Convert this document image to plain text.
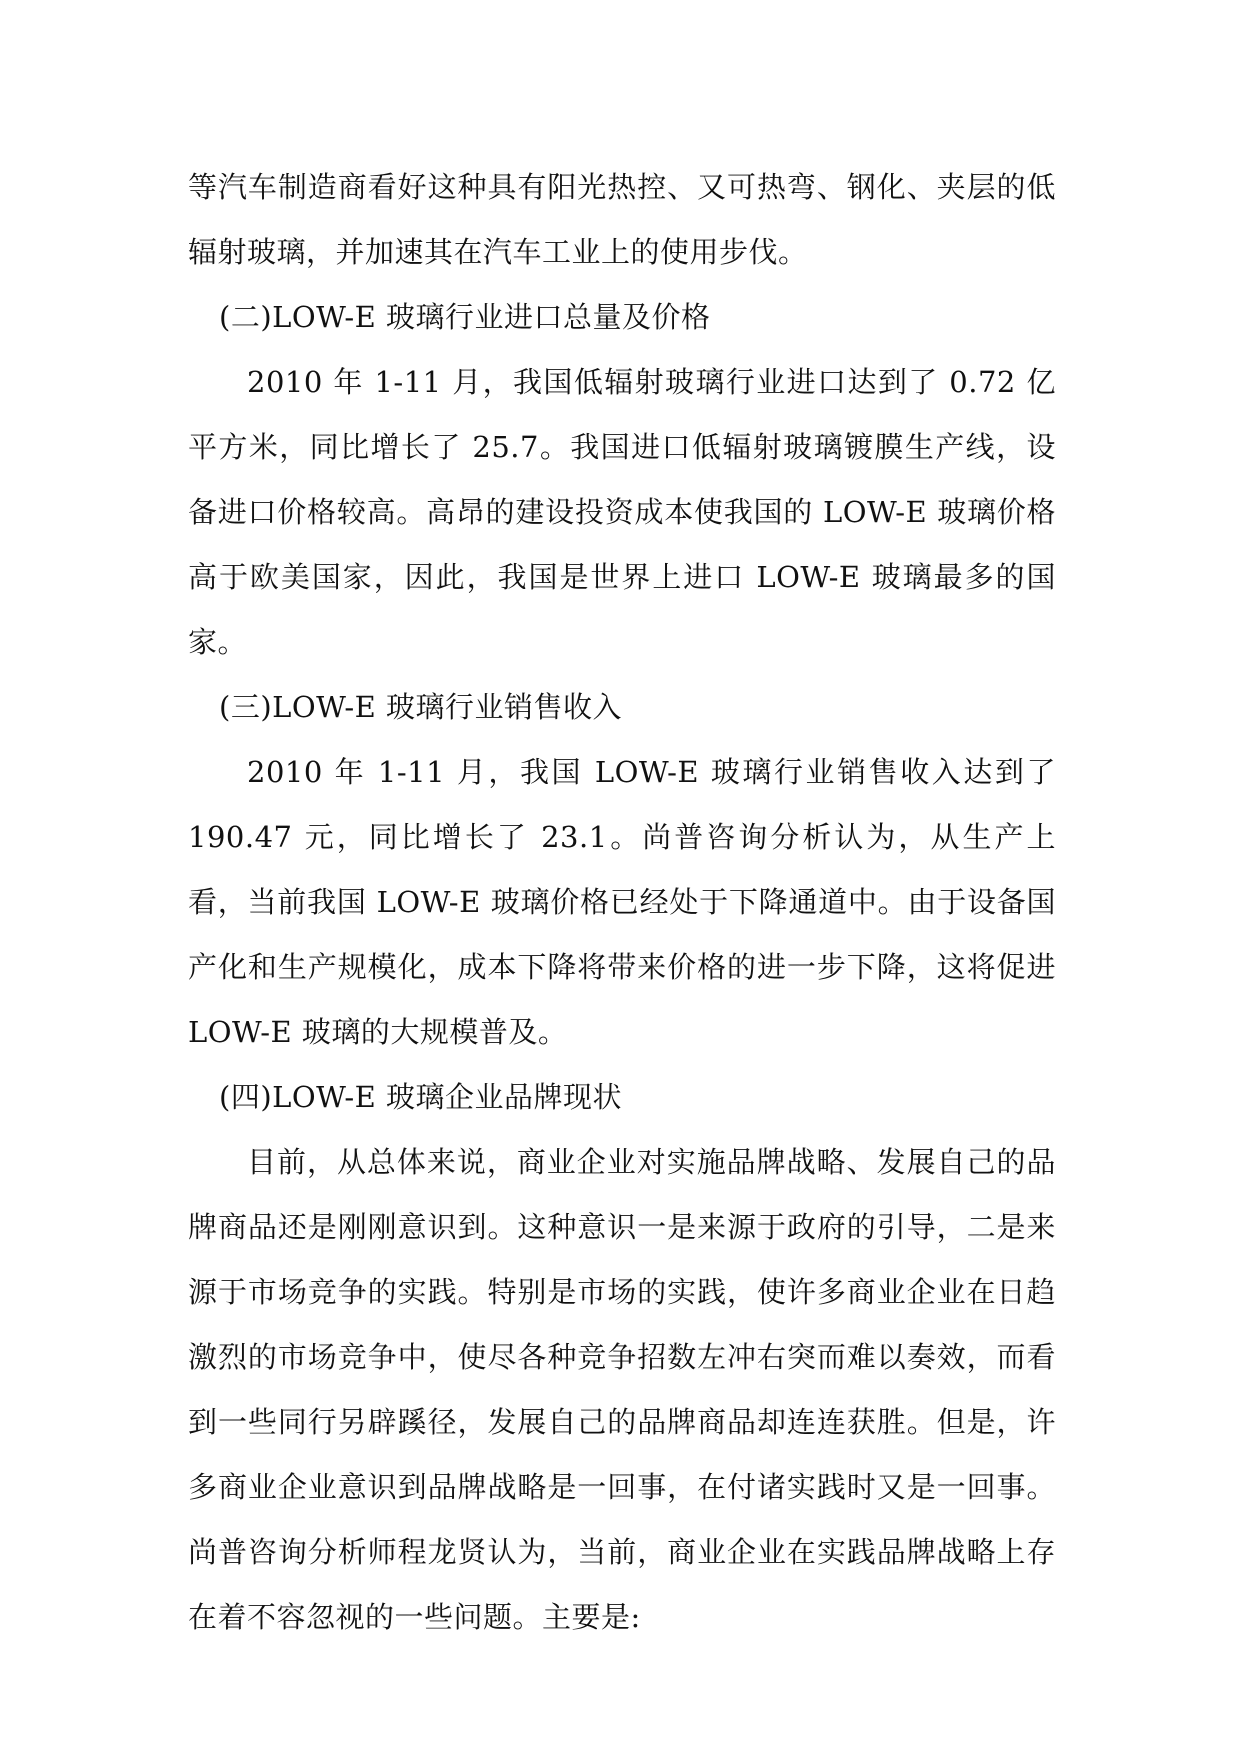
等汽车制造商看好这种具有阳光热控、又可热弯、钢化、夹层的低辐射玻璃，并加速其在汽车工业上的使用步伐。

(二)LOW-E 玻璃行业进口总量及价格

2010 年 1-11 月，我国低辐射玻璃行业进口达到了 0.72 亿平方米，同比增长了 25.7。我国进口低辐射玻璃镀膜生产线，设备进口价格较高。高昂的建设投资成本使我国的 LOW-E 玻璃价格高于欧美国家，因此，我国是世界上进口 LOW-E 玻璃最多的国家。

(三)LOW-E 玻璃行业销售收入

2010 年 1-11 月，我国 LOW-E 玻璃行业销售收入达到了 190.47 元，同比增长了 23.1。尚普咨询分析认为，从生产上看，当前我国 LOW-E 玻璃价格已经处于下降通道中。由于设备国产化和生产规模化，成本下降将带来价格的进一步下降，这将促进 LOW-E 玻璃的大规模普及。

(四)LOW-E 玻璃企业品牌现状

目前，从总体来说，商业企业对实施品牌战略、发展自己的品牌商品还是刚刚意识到。这种意识一是来源于政府的引导，二是来源于市场竞争的实践。特别是市场的实践，使许多商业企业在日趋激烈的市场竞争中，使尽各种竞争招数左冲右突而难以奏效，而看到一些同行另辟蹊径，发展自己的品牌商品却连连获胜。但是，许多商业企业意识到品牌战略是一回事，在付诸实践时又是一回事。尚普咨询分析师程龙贤认为，当前，商业企业在实践品牌战略上存在着不容忽视的一些问题。主要是:
